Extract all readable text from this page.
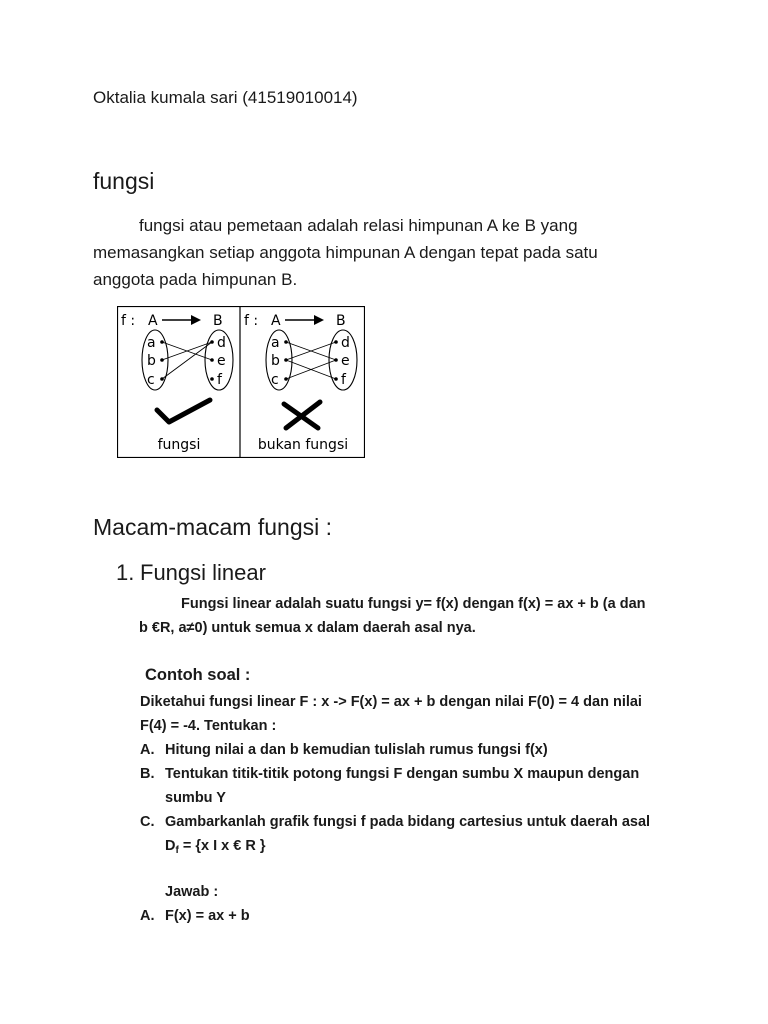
Oktalia kumala sari (41519010014)
fungsi
fungsi atau pemetaan adalah relasi himpunan A ke B yang
memasangkan setiap anggota himpunan A dengan tepat pada satu
anggota pada himpunan B.
f : A	B
a
b
c
d
e
f
fungsi
f : A	B
a
b
c
d
e
f
bukan fungsi
Macam-macam fungsi :
1. Fungsi linear
Fungsi linear adalah suatu fungsi y= f(x) dengan f(x) = ax + b (a dan
b €R, a≠0) untuk semua x dalam daerah asal nya.
Contoh soal :
Diketahui fungsi linear F : x -> F(x) = ax + b dengan nilai F(0) = 4 dan nilai
F(4) = -4. Tentukan :
A. Hitung nilai a dan b kemudian tulislah rumus fungsi f(x)
B. Tentukan titik-titik potong fungsi F dengan sumbu X maupun dengan
sumbu Y
C. Gambarkanlah grafik fungsi f pada bidang cartesius untuk daerah asal
$D_f = \{x$ I x € R }
Jawab :
A. F(x) = ax + b
